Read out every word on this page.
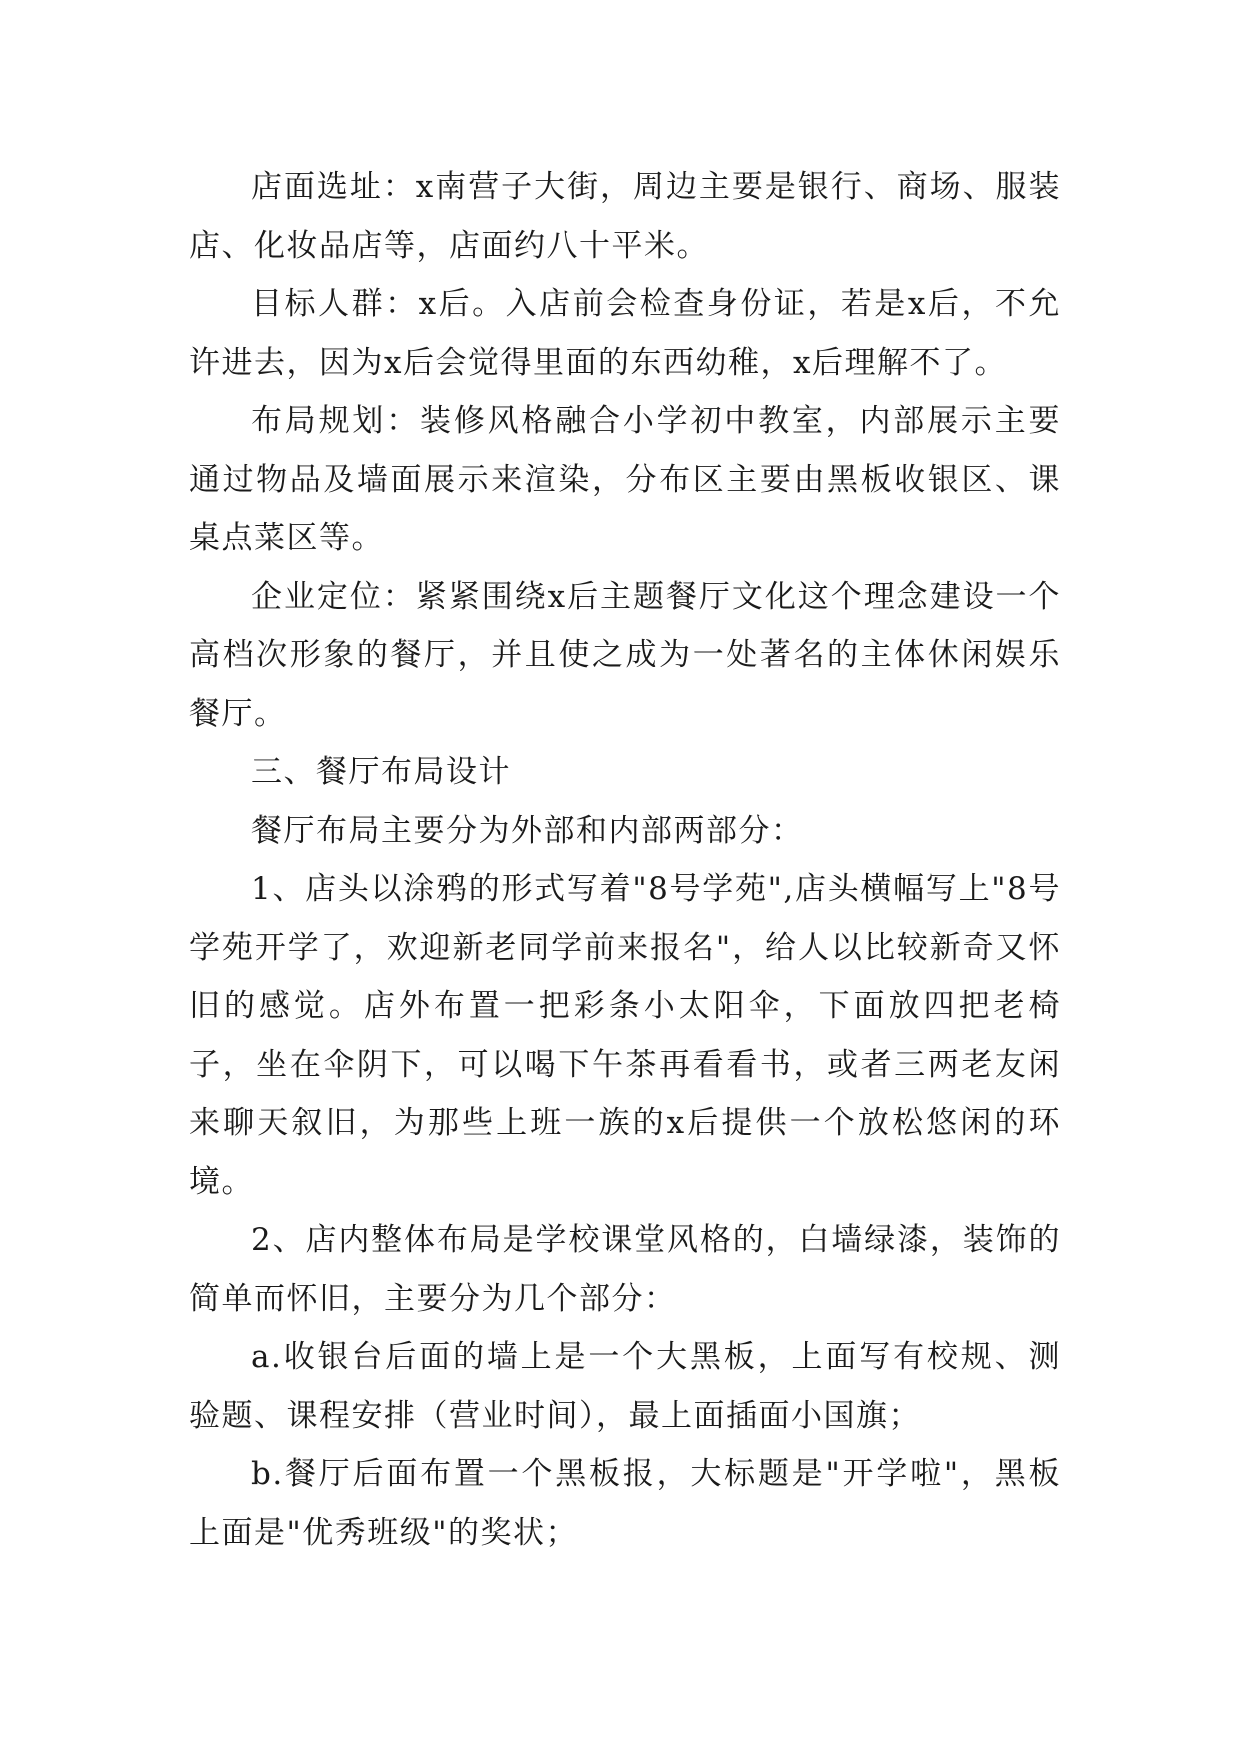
店面选址：x南营子大街，周边主要是银行、商场、服装店、化妆品店等，店面约八十平米。

目标人群：x后。入店前会检查身份证，若是x后，不允许进去，因为x后会觉得里面的东西幼稚，x后理解不了。

布局规划：装修风格融合小学初中教室，内部展示主要通过物品及墙面展示来渲染，分布区主要由黑板收银区、课桌点菜区等。

企业定位：紧紧围绕x后主题餐厅文化这个理念建设一个高档次形象的餐厅，并且使之成为一处著名的主体休闲娱乐餐厅。

三、餐厅布局设计

餐厅布局主要分为外部和内部两部分：

1、店头以涂鸦的形式写着"8号学苑",店头横幅写上"8号学苑开学了，欢迎新老同学前来报名"，给人以比较新奇又怀旧的感觉。店外布置一把彩条小太阳伞，下面放四把老椅子，坐在伞阴下，可以喝下午茶再看看书，或者三两老友闲来聊天叙旧，为那些上班一族的x后提供一个放松悠闲的环境。

2、店内整体布局是学校课堂风格的，白墙绿漆，装饰的简单而怀旧，主要分为几个部分：

a.收银台后面的墙上是一个大黑板，上面写有校规、测验题、课程安排（营业时间），最上面插面小国旗；

b.餐厅后面布置一个黑板报，大标题是"开学啦"，黑板上面是"优秀班级"的奖状；
